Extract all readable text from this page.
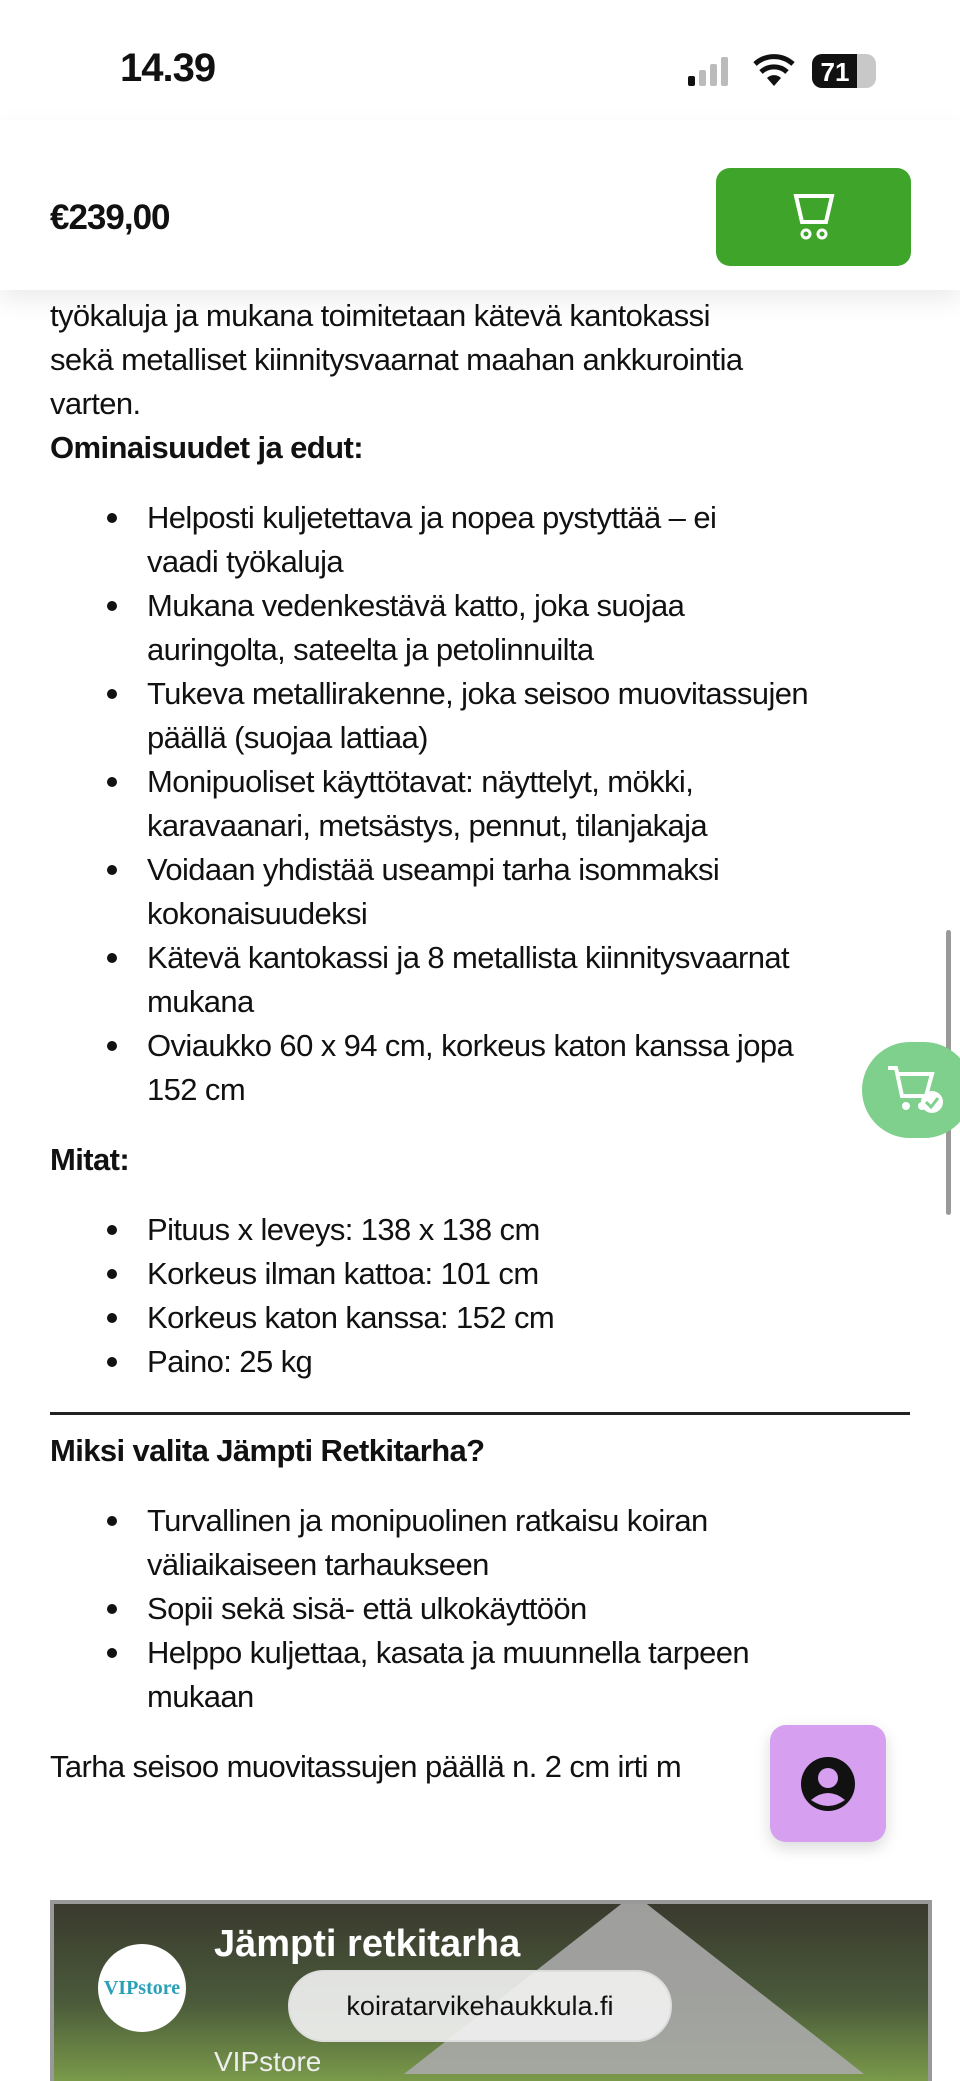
14.39	71
€239,00

työkaluja ja mukana toimitetaan kätevä kantokassi

sekä metalliset kiinnitysvaarnat maahan ankkurointia

varten.

Ominaisuudet ja edut:

Helposti kuljetettava ja nopea pystyttää – ei
vaadi työkaluja
Mukana vedenkestävä katto, joka suojaa
auringolta, sateelta ja petolinnuilta
Tukeva metallirakenne, joka seisoo muovitassujen
päällä (suojaa lattiaa)
Monipuoliset käyttötavat: näyttelyt, mökki,
karavaanari, metsästys, pennut, tilanjakaja
Voidaan yhdistää useampi tarha isommaksi
kokonaisuudeksi
Kätevä kantokassi ja 8 metallista kiinnitysvaarnat
mukana
Oviaukko 60 x 94 cm, korkeus katon kanssa jopa
152 cm

Mitat:

Pituus x leveys: 138 x 138 cm
Korkeus ilman kattoa: 101 cm
Korkeus katon kanssa: 152 cm
Paino: 25 kg

Miksi valita Jämpti Retkitarha?

Turvallinen ja monipuolinen ratkaisu koiran
väliaikaiseen tarhaukseen
Sopii sekä sisä- että ulkokäyttöön
Helppo kuljettaa, kasata ja muunnella tarpeen
mukaan

Tarha seisoo muovitassujen päällä n. 2 cm irti m

VIPstore
Jämpti retkitarha
VIPstore
koiratarvikehaukkula.fi
